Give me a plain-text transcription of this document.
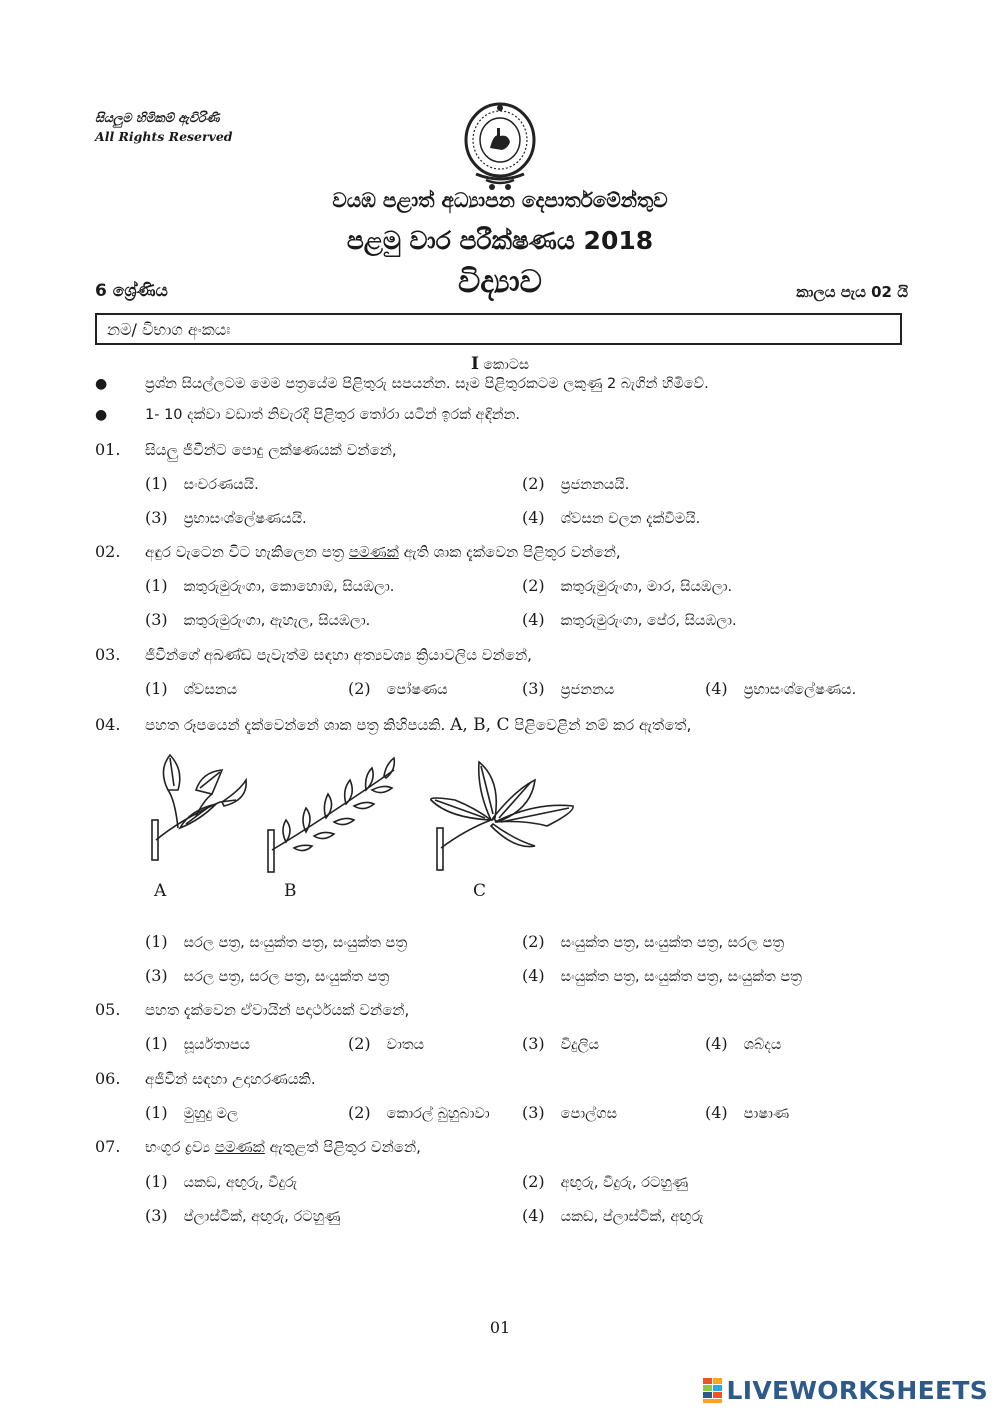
සියලුම හිමිකම් ඇවිරිණි
All Rights Reserved
වයඹ පළාත් අධ්‍යාපන දෙපාර්තමේන්තුව
පළමු වාර පරීක්ෂණය 2018
විද්‍යාව
6 ශ්‍රේණිය	කාලය පැය 02 යි
නම/ විභාග අංකයඃ
I කොටස
●	ප්‍රශ්න සියල්ලටම මෙම පත්‍රයේම පිළිතුරු සපයන්න. සෑම පිළිතුරකටම ලකුණු 2 බැගින් හිමිවේ.
●	1- 10 දක්වා වඩාත් නිවැරදි පිළිතුර තෝරා යටින් ඉරක් අඳින්න.
01. සියලු ජීවීන්ට පොදු ලක්ෂණයක් වන්නේ,
(1) සංචරණයයි.	(2) ප්‍රජනනයයි.
(3) ප්‍රභාසංශ්ලේෂණයයි.	(4) ශ්වසන චලන දැක්වීමයි.
02. අඳුර වැටෙන විට හැකිලෙන පත්‍ර පමණක් ඇති ශාක දැක්වෙන පිළිතුර වන්නේ,
(1) කතුරුමුරුංගා, කොහොඹ, සියඹලා.	(2) කතුරුමුරුංගා, මාර, සියඹලා.
(3) කතුරුමුරුංගා, ඇහැල, සියඹලා.	(4) කතුරුමුරුංගා, පේර, සියඹලා.
03. ජීවීන්ගේ අඛණ්ඩ පැවැත්ම සඳහා අත්‍යවශ්‍ය ක්‍රියාවලිය වන්නේ,
(1) ශ්වසනය	(2) පෝෂණය	(3) ප්‍රජනනය	(4) ප්‍රභාසංශ්ලේෂණය.
04. පහත රූපයෙන් දැක්වෙන්නේ ශාක පත්‍ර කිහිපයකි. A, B, C පිළිවෙළින් නම් කර ඇත්තේ,
A	B	C
(1) සරල පත්‍ර, සංයුක්ත පත්‍ර, සංයුක්ත පත්‍ර	(2) සංයුක්ත පත්‍ර, සංයුක්ත පත්‍ර, සරල පත්‍ර
(3) සරල පත්‍ර, සරල පත්‍ර, සංයුක්ත පත්‍ර	(4) සංයුක්ත පත්‍ර, සංයුක්ත පත්‍ර, සංයුක්ත පත්‍ර
05. පහත දැක්වෙන ඒවායින් පදාර්ථයක් වන්නේ,
(1) සූර්යතාපය	(2) වාතය	(3) විදුලිය	(4) ශබ්දය
06. අජීවීන් සඳහා උදාහරණයකි.
(1) මුහුදු මල	(2) කොරල් බුහුබාවා (3) පොල්ගස	(4) පාෂාණ
07. භංගුර ද්‍රව්‍ය පමණක් ඇතුළත් පිළිතුර වන්නේ,
(1) යකඩ, අඟුරු, වීදුරු	(2) අඟුරු, වීදුරු, රටහුණු
(3) ප්ලාස්ටික්, අඟුරු, රටහුණු	(4) යකඩ, ප්ලාස්ටික්, අඟුරු
01
LIVEWORKSHEETS
